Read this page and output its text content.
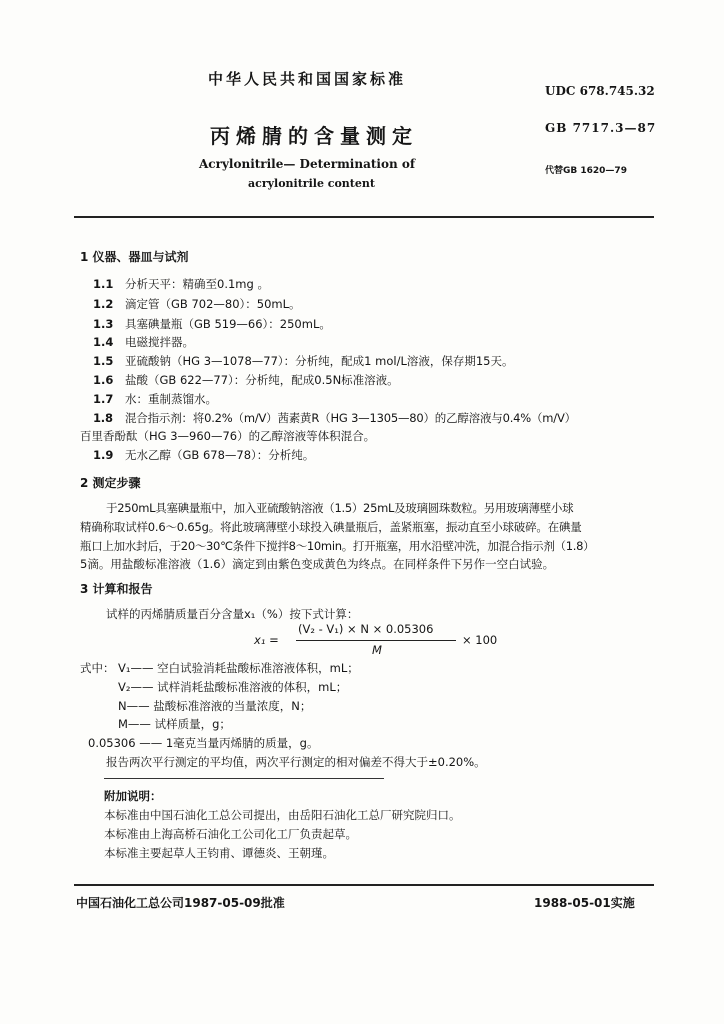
中华人民共和国国家标准
UDC 678.745.32
丙烯腈的含量测定	GB 7717.3—87
Acrylonitrile— Determination of	代替GB 1620—79
acrylonitrile content
1 仪器、器皿与试剂
1.1 分析天平：精确至0.1mg 。
1.2 滴定管（GB 702—80）：50mL。
1.3 具塞碘量瓶（GB 519—66）：250mL。
1.4 电磁搅拌器。
1.5 亚硫酸钠（HG 3—1078—77）：分析纯，配成1 mol/L溶液，保存期15天。
1.6 盐酸（GB 622—77）：分析纯，配成0.5N标准溶液。
1.7 水：重制蒸馏水。
1.8 混合指示剂：将0.2%（m/V）茜素黄R（HG 3—1305—80）的乙醇溶液与0.4%（m/V）
百里香酚酞（HG 3—960—76）的乙醇溶液等体积混合。
1.9 无水乙醇（GB 678—78）：分析纯。
2 测定步骤
于250mL具塞碘量瓶中，加入亚硫酸钠溶液（1.5）25mL及玻璃圆珠数粒。另用玻璃薄壁小球
精确称取试样0.6～0.65g。将此玻璃薄壁小球投入碘量瓶后，盖紧瓶塞，振动直至小球破碎。在碘量
瓶口上加水封后，于20～30℃条件下搅拌8～10min。打开瓶塞，用水沿壁冲洗，加混合指示剂（1.8）
5滴。用盐酸标准溶液（1.6）滴定到由紫色变成黄色为终点。在同样条件下另作一空白试验。
3 计算和报告
试样的丙烯腈质量百分含量x₁（%）按下式计算：
x₁ =
(V₂ - V₁) × N × 0.05306
M
× 100
式中： V₁—— 空白试验消耗盐酸标准溶液体积，mL；
V₂—— 试样消耗盐酸标准溶液的体积，mL；
N—— 盐酸标准溶液的当量浓度，N；
M—— 试样质量，g；
0.05306 —— 1毫克当量丙烯腈的质量，g。
报告两次平行测定的平均值，两次平行测定的相对偏差不得大于±0.20%。
附加说明：
本标准由中国石油化工总公司提出，由岳阳石油化工总厂研究院归口。
本标准由上海高桥石油化工公司化工厂负责起草。
本标准主要起草人王钧甫、谭德炎、王朝瑾。
中国石油化工总公司1987-05-09批准	1988-05-01实施
